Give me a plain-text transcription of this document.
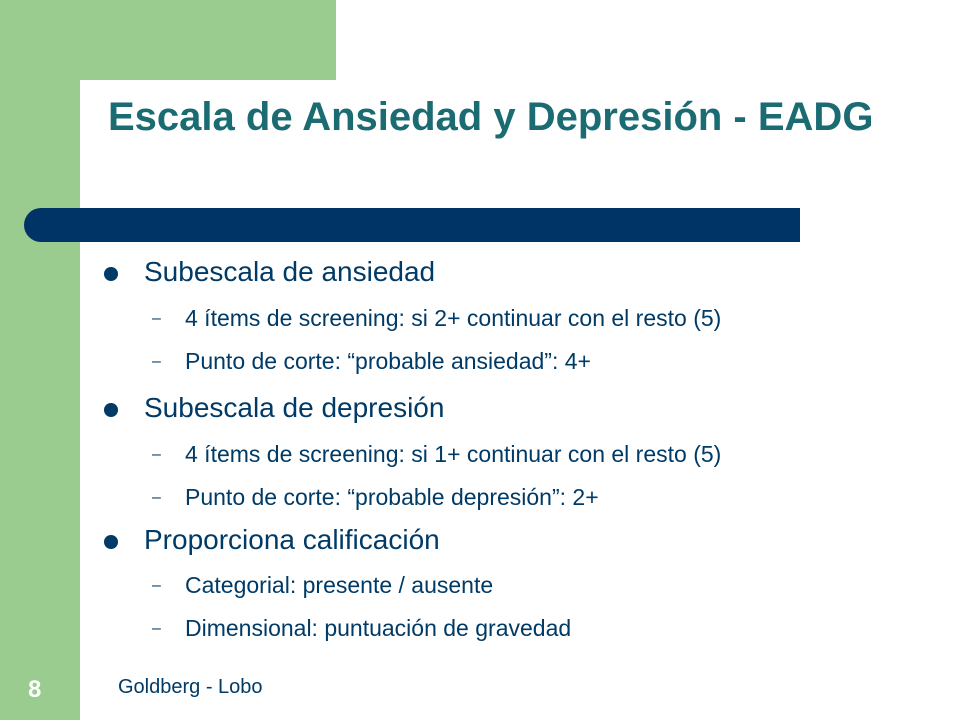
Escala de Ansiedad y Depresión - EADG
Subescala de ansiedad
– 4 ítems de screening: si 2+ continuar con el resto (5)
– Punto de corte: “probable ansiedad”: 4+
Subescala de depresión
– 4 ítems de screening: si 1+ continuar con el resto (5)
– Punto de corte: “probable depresión”: 2+
Proporciona calificación
– Categorial: presente / ausente
– Dimensional: puntuación de gravedad
Goldberg - Lobo
8
